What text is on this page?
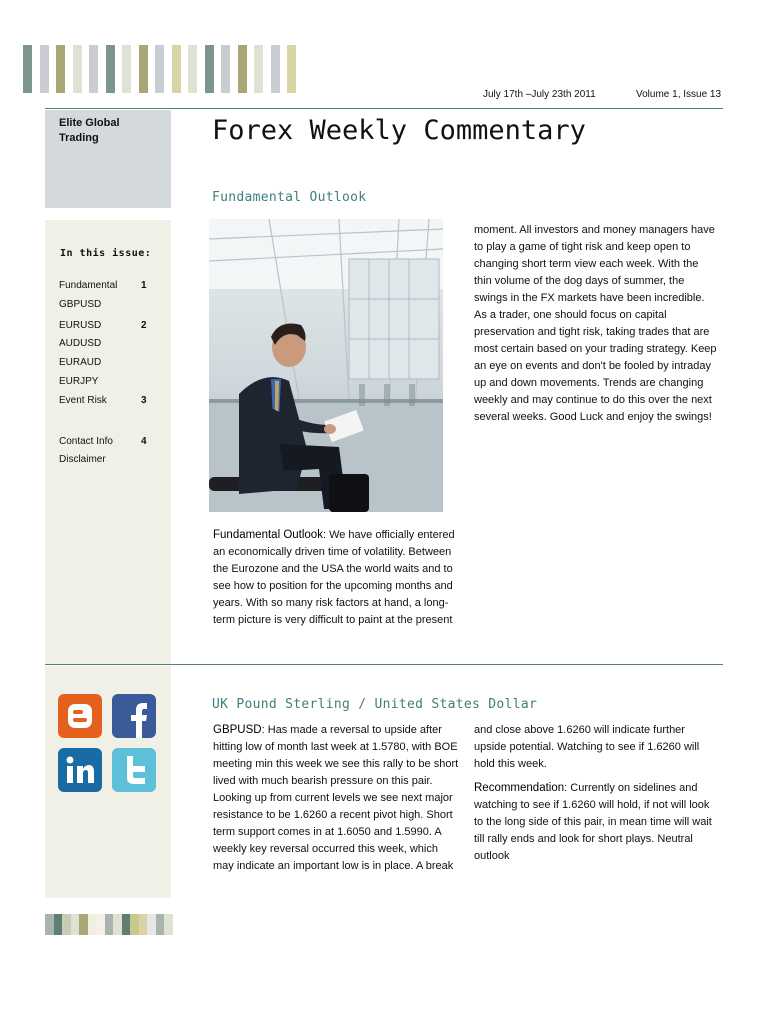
July 17th –July 23th 2011	Volume 1, Issue 13
Elite Global Trading
In this issue:
Fundamental	1
GBPUSD
EURUSD	2
AUDUSD
EURAUD
EURJPY
Event Risk	3
Contact Info	4
Disclaimer
Forex Weekly Commentary
Fundamental Outlook
Fundamental Outlook: We have officially entered an economically driven time of volatility. Between the Eurozone and the USA the world waits and to see how to position for the upcoming months and years. With so many risk factors at hand, a long-term picture is very difficult to paint at the present
moment. All investors and money managers have to play a game of tight risk and keep open to changing short term view each week. With the thin volume of the dog days of summer, the swings in the FX markets have been incredible. As a trader, one should focus on capital preservation and tight risk, taking trades that are most certain based on your trading strategy. Keep an eye on events and don't be fooled by intraday up and down movements. Trends are changing weekly and may continue to do this over the next several weeks. Good Luck and enjoy the swings!
UK Pound Sterling / United States Dollar
GBPUSD: Has made a reversal to upside after hitting low of month last week at 1.5780, with BOE meeting min this week we see this rally to be short lived with much bearish pressure on this pair. Looking up from current levels we see next major resistance to be 1.6260 a recent pivot high. Short term support comes in at 1.6050 and 1.5990. A weekly key reversal occurred this week, which may indicate an important low is in place. A break
and close above 1.6260 will indicate further upside potential. Watching to see if 1.6260 will hold this week.
Recommendation: Currently on sidelines and watching to see if 1.6260 will hold, if not will look to the long side of this pair, in mean time will wait till rally ends and look for short plays. Neutral outlook
